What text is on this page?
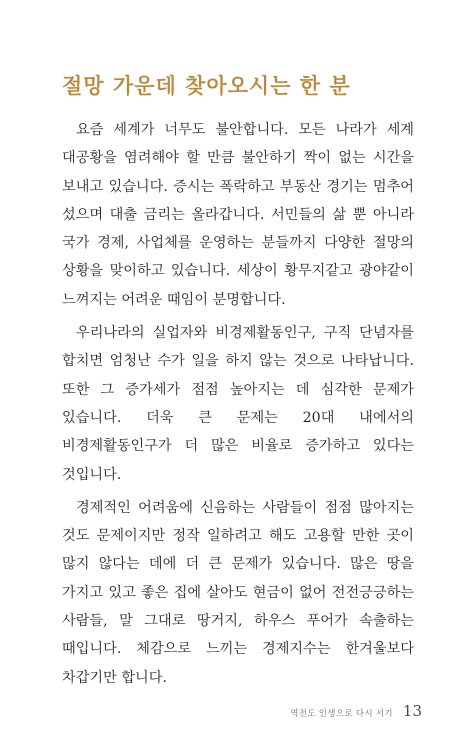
절망 가운데 찾아오시는 한 분

요즘 세계가 너무도 불안합니다. 모든 나라가 세계 대공황을 염려해야 할 만큼 불안하기 짝이 없는 시간을 보내고 있습니다. 증시는 폭락하고 부동산 경기는 멈추어 섰으며 대출 금리는 올라갑니다. 서민들의 삶 뿐 아니라 국가 경제, 사업체를 운영하는 분들까지 다양한 절망의 상황을 맞이하고 있습니다. 세상이 황무지같고 광야같이 느껴지는 어려운 때임이 분명합니다.

우리나라의 실업자와 비경제활동인구, 구직 단념자를 합치면 엄청난 수가 일을 하지 않는 것으로 나타납니다. 또한 그 증가세가 점점 높아지는 데 심각한 문제가 있습니다. 더욱 큰 문제는 20대 내에서의 비경제활동인구가 더 많은 비율로 증가하고 있다는 것입니다.

경제적인 어려움에 신음하는 사람들이 점점 많아지는 것도 문제이지만 정작 일하려고 해도 고용할 만한 곳이 많지 않다는 데에 더 큰 문제가 있습니다. 많은 땅을 가지고 있고 좋은 집에 살아도 현금이 없어 전전긍긍하는 사람들, 말 그대로 땅거지, 하우스 푸어가 속출하는 때입니다. 체감으로 느끼는 경제지수는 한겨울보다 차갑기만 합니다.

역전도 인생으로 다시 서기 13
